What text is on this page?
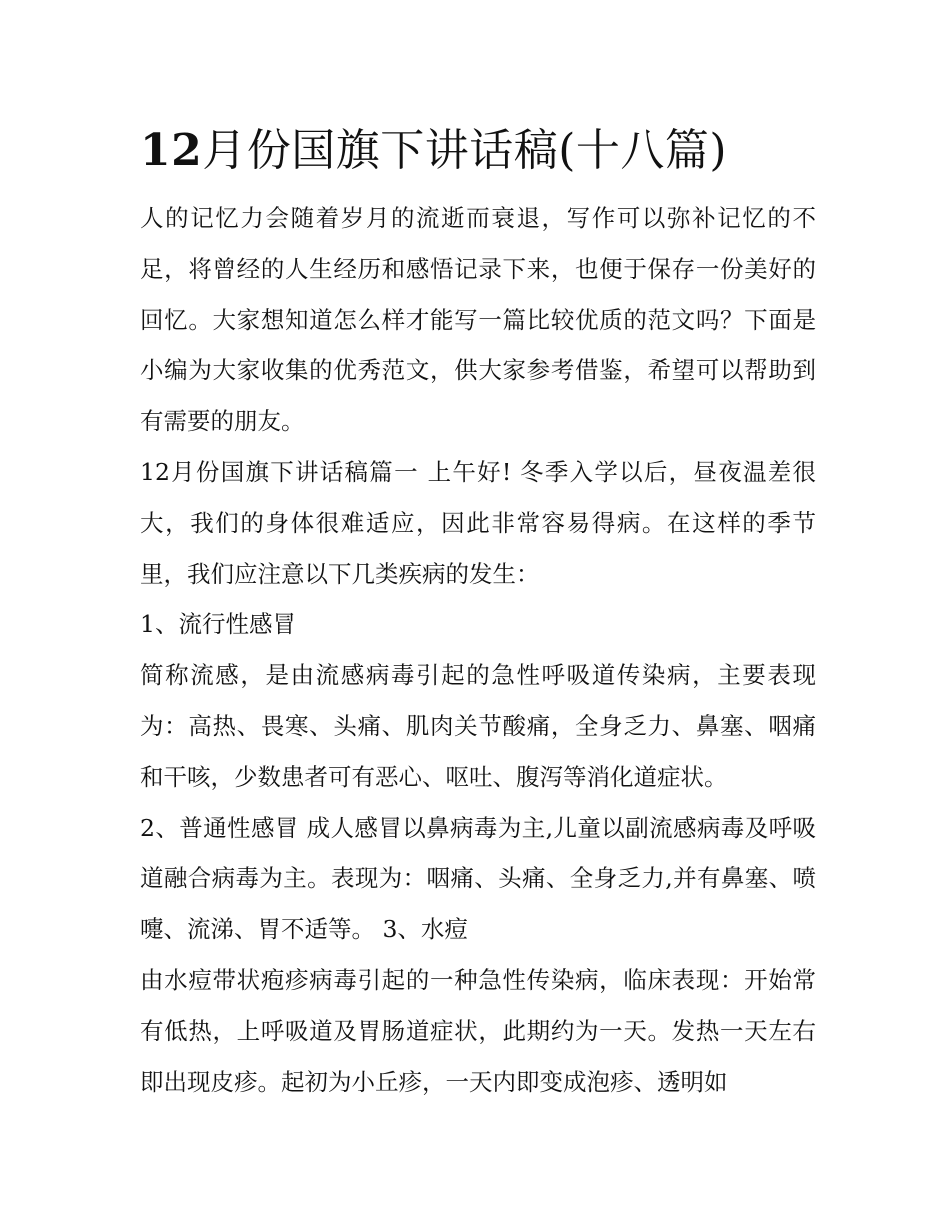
12月份国旗下讲话稿(十八篇)

人的记忆力会随着岁月的流逝而衰退，写作可以弥补记忆的不足，将曾经的人生经历和感悟记录下来，也便于保存一份美好的回忆。大家想知道怎么样才能写一篇比较优质的范文吗？下面是小编为大家收集的优秀范文，供大家参考借鉴，希望可以帮助到有需要的朋友。

12月份国旗下讲话稿篇一 上午好! 冬季入学以后，昼夜温差很大，我们的身体很难适应，因此非常容易得病。在这样的季节里，我们应注意以下几类疾病的发生：

1、流行性感冒

简称流感，是由流感病毒引起的急性呼吸道传染病，主要表现为：高热、畏寒、头痛、肌肉关节酸痛，全身乏力、鼻塞、咽痛和干咳，少数患者可有恶心、呕吐、腹泻等消化道症状。

2、普通性感冒 成人感冒以鼻病毒为主,儿童以副流感病毒及呼吸道融合病毒为主。表现为：咽痛、头痛、全身乏力,并有鼻塞、喷嚏、流涕、胃不适等。 3、水痘

由水痘带状疱疹病毒引起的一种急性传染病，临床表现：开始常有低热，上呼吸道及胃肠道症状，此期约为一天。发热一天左右即出现皮疹。起初为小丘疹，一天内即变成泡疹、透明如
